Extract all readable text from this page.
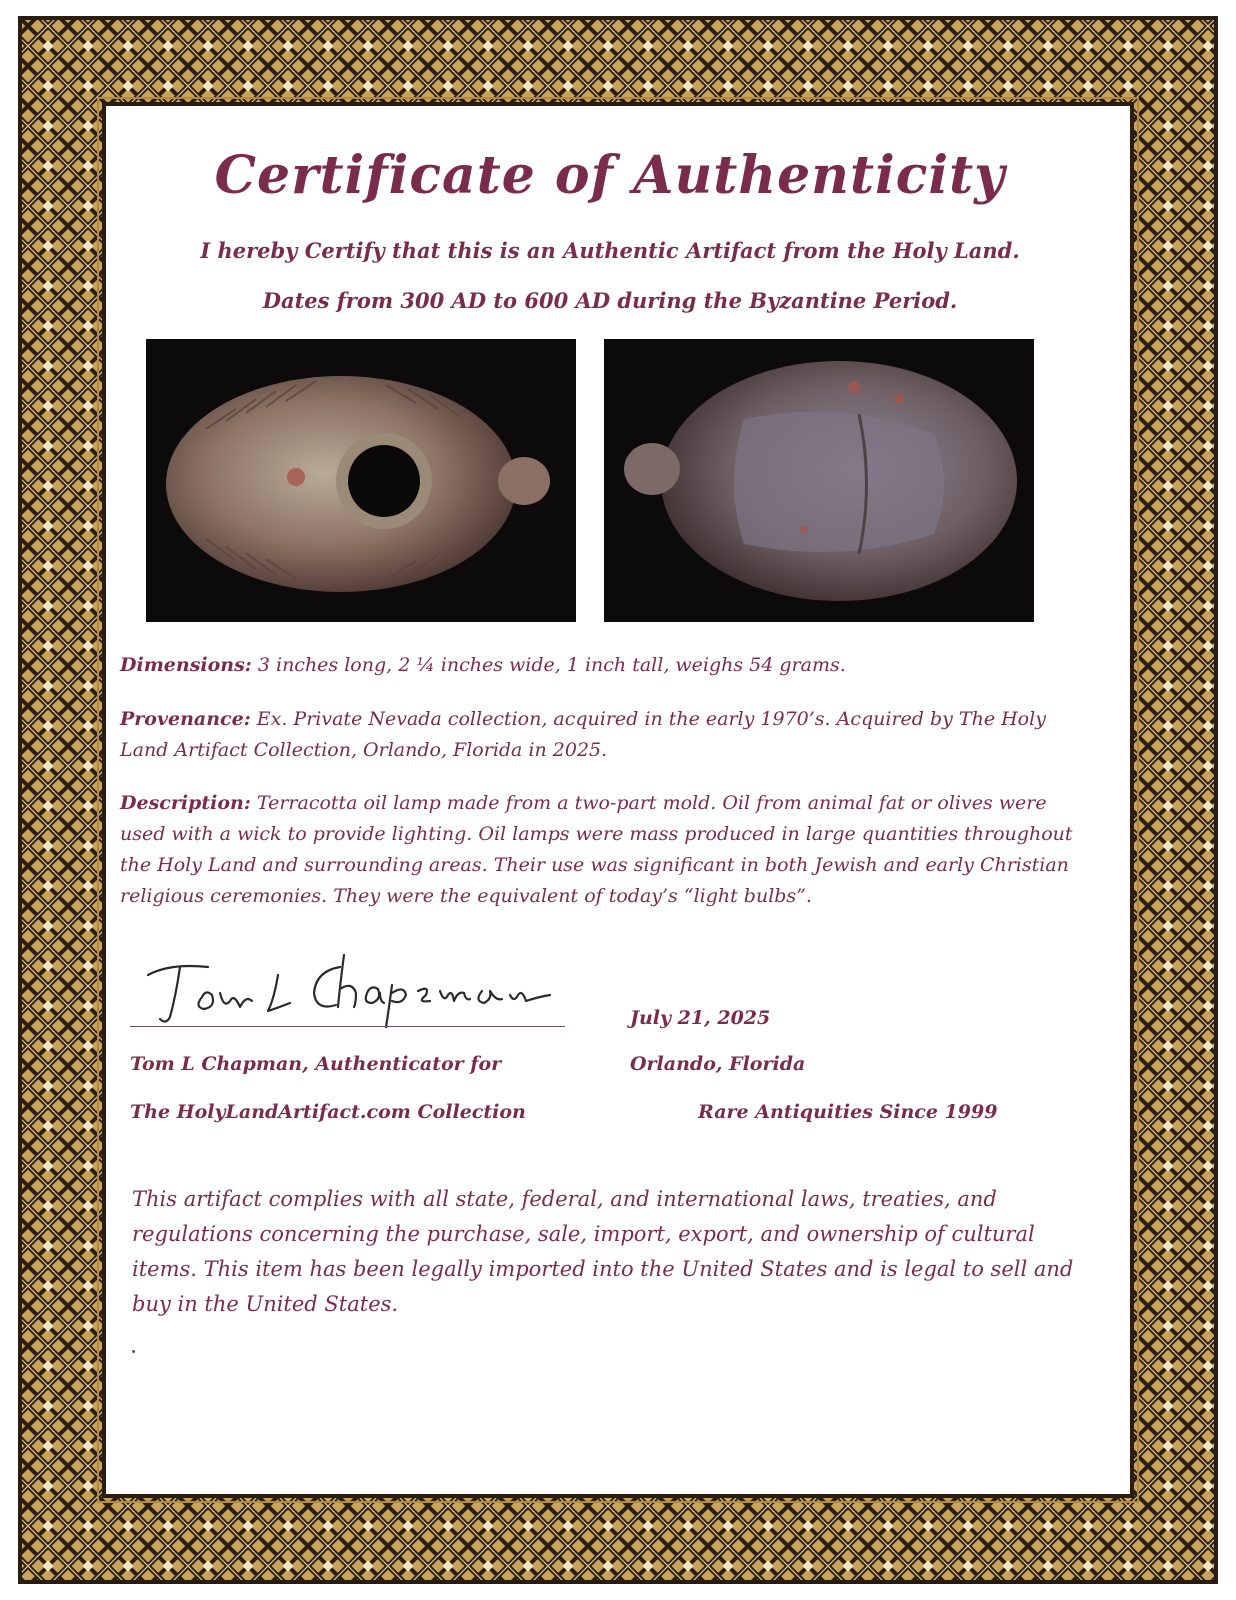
Certificate of Authenticity
I hereby Certify that this is an Authentic Artifact from the Holy Land.
Dates from 300 AD to 600 AD during the Byzantine Period.
Dimensions: 3 inches long, 2 ¼ inches wide, 1 inch tall, weighs 54 grams.
Provenance: Ex. Private Nevada collection, acquired in the early 1970’s. Acquired by The Holy Land Artifact Collection, Orlando, Florida in 2025.
Description: Terracotta oil lamp made from a two-part mold. Oil from animal fat or olives were used with a wick to provide lighting. Oil lamps were mass produced in large quantities throughout the Holy Land and surrounding areas. Their use was significant in both Jewish and early Christian religious ceremonies. They were the equivalent of today’s “light bulbs”.
Tom L Chapman, Authenticator for
The HolyLandArtifact.com Collection
July 21, 2025
Orlando, Florida
Rare Antiquities Since 1999
This artifact complies with all state, federal, and international laws, treaties, and regulations concerning the purchase, sale, import, export, and ownership of cultural items. This item has been legally imported into the United States and is legal to sell and buy in the United States.
